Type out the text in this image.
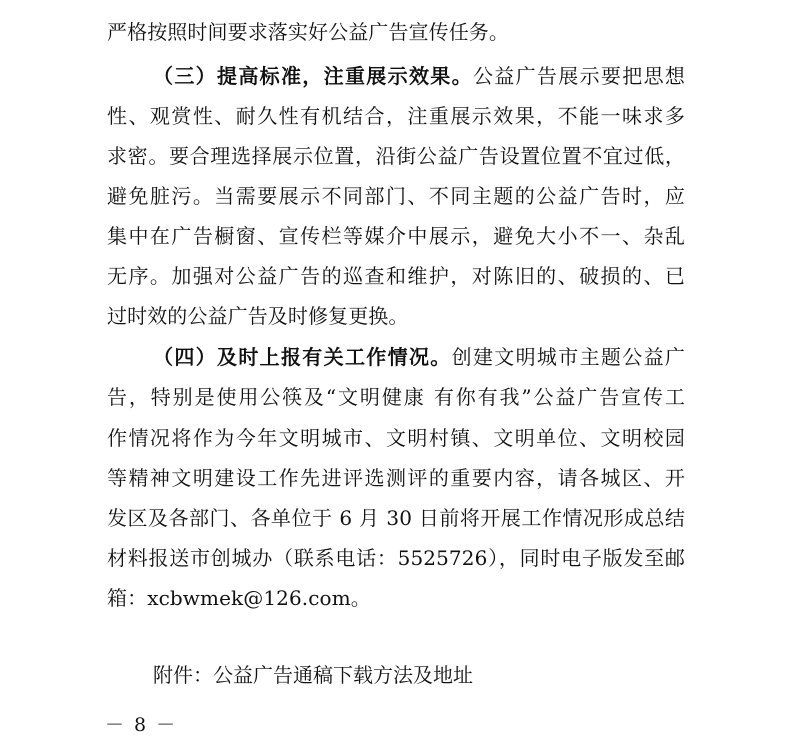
严格按照时间要求落实好公益广告宣传任务。
（三）提高标准，注重展示效果。公益广告展示要把思想
性、观赏性、耐久性有机结合，注重展示效果，不能一味求多
求密。要合理选择展示位置，沿街公益广告设置位置不宜过低，
避免脏污。当需要展示不同部门、不同主题的公益广告时，应
集中在广告橱窗、宣传栏等媒介中展示，避免大小不一、杂乱
无序。加强对公益广告的巡查和维护，对陈旧的、破损的、已
过时效的公益广告及时修复更换。
（四）及时上报有关工作情况。创建文明城市主题公益广
告，特别是使用公筷及“文明健康 有你有我”公益广告宣传工
作情况将作为今年文明城市、文明村镇、文明单位、文明校园
等精神文明建设工作先进评选测评的重要内容，请各城区、开
发区及各部门、各单位于 6 月 30 日前将开展工作情况形成总结
材料报送市创城办（联系电话：5525726），同时电子版发至邮
箱：xcbwmek@126.com。
附件：公益广告通稿下载方法及地址
－ 8 －
